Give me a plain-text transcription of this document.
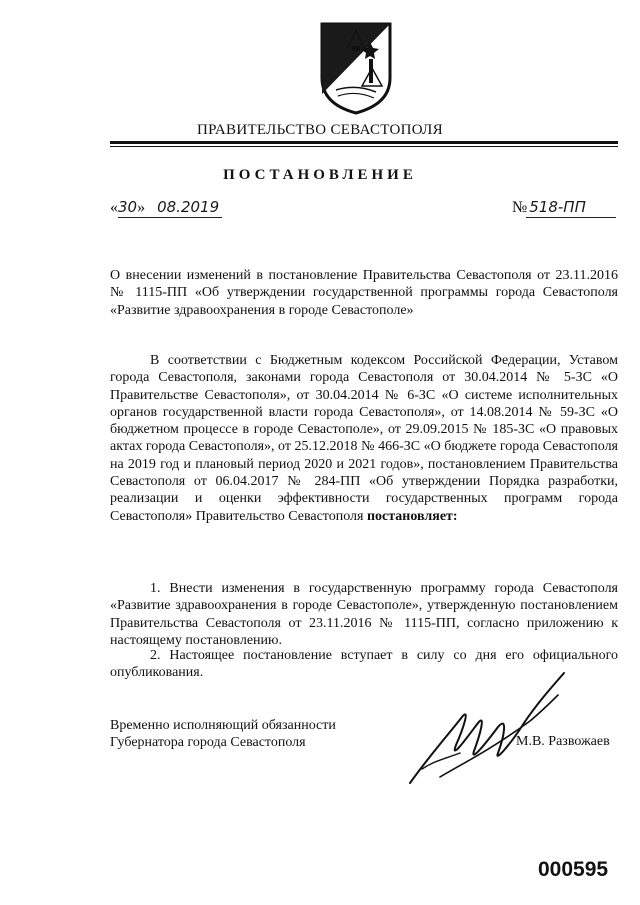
ПРАВИТЕЛЬСТВО СЕВАСТОПОЛЯ
ПОСТАНОВЛЕНИЕ
«30» 08.2019	№ 518-ПП
О внесении изменений в постановление Правительства Севастополя от 23.11.2016 № 1115-ПП «Об утверждении государственной программы города Севастополя «Развитие здравоохранения в городе Севастополе»
В соответствии с Бюджетным кодексом Российской Федерации, Уставом города Севастополя, законами города Севастополя от 30.04.2014 № 5-ЗС «О Правительстве Севастополя», от 30.04.2014 № 6-ЗС «О системе исполнительных органов государственной власти города Севастополя», от 14.08.2014 № 59-ЗС «О бюджетном процессе в городе Севастополе», от 29.09.2015 № 185-ЗС «О правовых актах города Севастополя», от 25.12.2018 № 466-ЗС «О бюджете города Севастополя на 2019 год и плановый период 2020 и 2021 годов», постановлением Правительства Севастополя от 06.04.2017 № 284-ПП «Об утверждении Порядка разработки, реализации и оценки эффективности государственных программ города Севастополя» Правительство Севастополя постановляет:
1. Внести изменения в государственную программу города Севастополя «Развитие здравоохранения в городе Севастополе», утвержденную постановлением Правительства Севастополя от 23.11.2016 № 1115-ПП, согласно приложению к настоящему постановлению.
2. Настоящее постановление вступает в силу со дня его официального опубликования.
Временно исполняющий обязанности
Губернатора города Севастополя	М.В. Развожаев
000595
